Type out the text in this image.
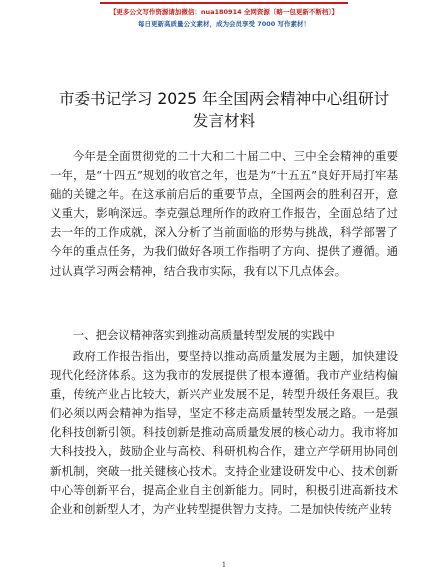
【更多公文写作资源请加微信：nua180914 全网资源〔略一包更新不断档〕】
每日更新高质量公文素材，成为会员享受 7000 写作素材！
市委书记学习 2025 年全国两会精神中心组研讨
发言材料

今年是全面贯彻党的二十大和二十届二中、三中全会精神的重要一年，是“十四五”规划的收官之年，也是为“十五五”良好开局打牢基础的关键之年。在这承前启后的重要节点，全国两会的胜利召开，意义重大，影响深远。李克强总理所作的政府工作报告，全面总结了过去一年的工作成就，深入分析了当前面临的形势与挑战，科学部署了今年的重点任务，为我们做好各项工作指明了方向、提供了遵循。通过认真学习两会精神，结合我市实际，我有以下几点体会。

一、把会议精神落实到推动高质量转型发展的实践中

政府工作报告指出，要坚持以推动高质量发展为主题，加快建设现代化经济体系。这为我市的发展提供了根本遵循。我市产业结构偏重，传统产业占比较大，新兴产业发展不足，转型升级任务艰巨。我们必须以两会精神为指导，坚定不移走高质量转型发展之路。一是强化科技创新引领。科技创新是推动高质量发展的核心动力。我市将加大科技投入，鼓励企业与高校、科研机构合作，建立产学研用协同创新机制，突破一批关键核心技术。支持企业建设研发中心、技术创新中心等创新平台，提高企业自主创新能力。同时，积极引进高新技术企业和创新型人才，为产业转型提供智力支持。二是加快传统产业转

1
